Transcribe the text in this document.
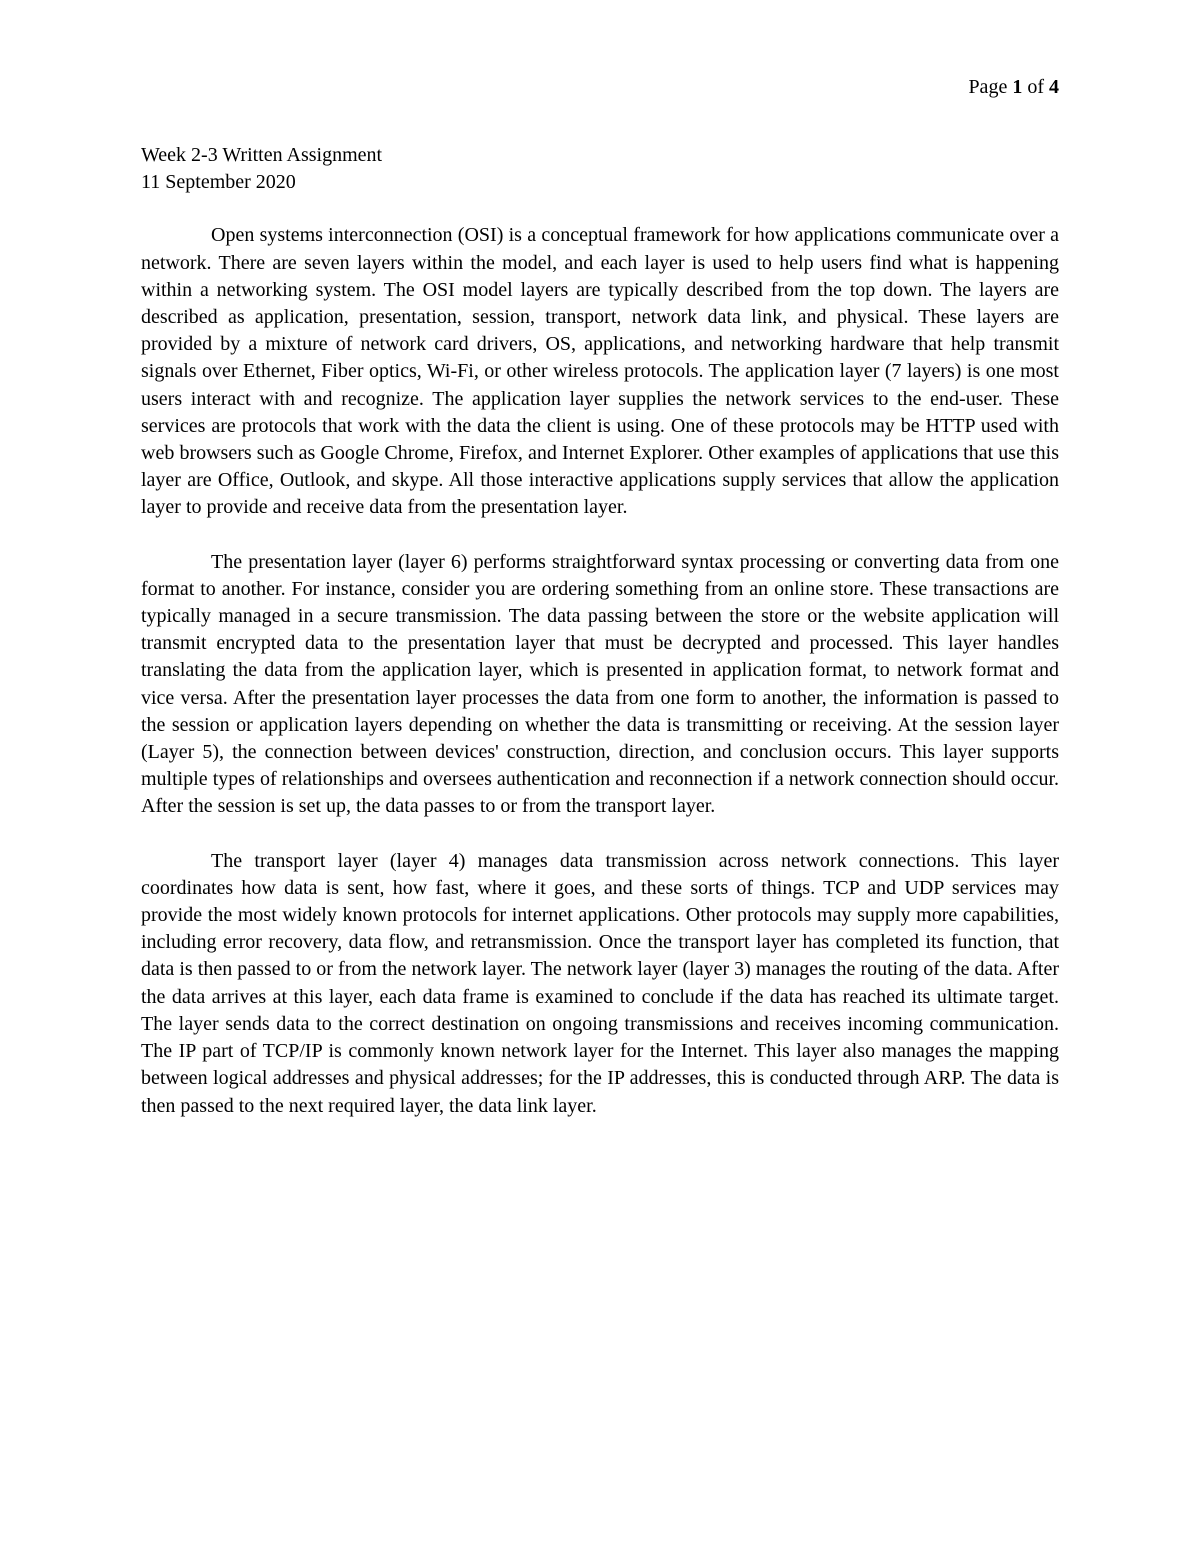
Page 1 of 4

Week 2-3 Written Assignment

11 September 2020

Open systems interconnection (OSI) is a conceptual framework for how applications communicate over a network. There are seven layers within the model, and each layer is used to help users find what is happening within a networking system. The OSI model layers are typically described from the top down. The layers are described as application, presentation, session, transport, network data link, and physical. These layers are provided by a mixture of network card drivers, OS, applications, and networking hardware that help transmit signals over Ethernet, Fiber optics, Wi-Fi, or other wireless protocols. The application layer (7 layers) is one most users interact with and recognize. The application layer supplies the network services to the end-user. These services are protocols that work with the data the client is using. One of these protocols may be HTTP used with web browsers such as Google Chrome, Firefox, and Internet Explorer. Other examples of applications that use this layer are Office, Outlook, and skype. All those interactive applications supply services that allow the application layer to provide and receive data from the presentation layer.

The presentation layer (layer 6) performs straightforward syntax processing or converting data from one format to another. For instance, consider you are ordering something from an online store. These transactions are typically managed in a secure transmission. The data passing between the store or the website application will transmit encrypted data to the presentation layer that must be decrypted and processed. This layer handles translating the data from the application layer, which is presented in application format, to network format and vice versa. After the presentation layer processes the data from one form to another, the information is passed to the session or application layers depending on whether the data is transmitting or receiving. At the session layer (Layer 5), the connection between devices' construction, direction, and conclusion occurs. This layer supports multiple types of relationships and oversees authentication and reconnection if a network connection should occur. After the session is set up, the data passes to or from the transport layer.

The transport layer (layer 4) manages data transmission across network connections. This layer coordinates how data is sent, how fast, where it goes, and these sorts of things. TCP and UDP services may provide the most widely known protocols for internet applications. Other protocols may supply more capabilities, including error recovery, data flow, and retransmission. Once the transport layer has completed its function, that data is then passed to or from the network layer. The network layer (layer 3) manages the routing of the data. After the data arrives at this layer, each data frame is examined to conclude if the data has reached its ultimate target. The layer sends data to the correct destination on ongoing transmissions and receives incoming communication. The IP part of TCP/IP is commonly known network layer for the Internet. This layer also manages the mapping between logical addresses and physical addresses; for the IP addresses, this is conducted through ARP. The data is then passed to the next required layer, the data link layer.
